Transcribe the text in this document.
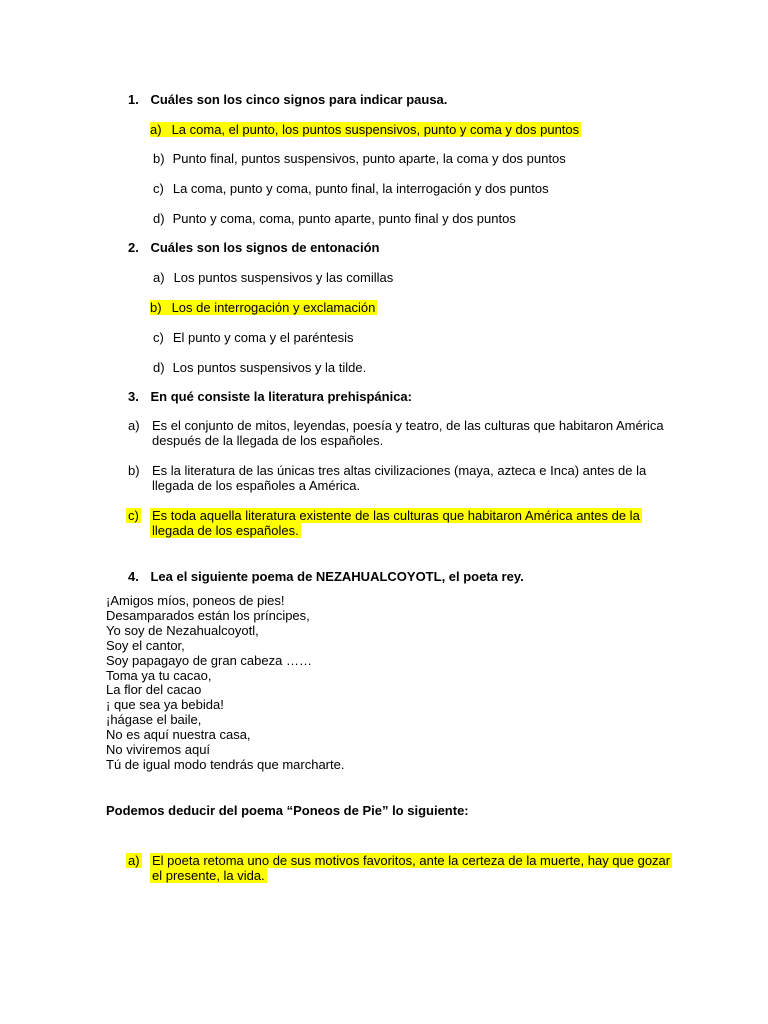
1. Cuáles son los cinco signos para indicar pausa.
a) La coma, el punto, los puntos suspensivos, punto y coma y dos puntos
b) Punto final, puntos suspensivos, punto aparte, la coma y dos puntos
c) La coma, punto y coma, punto final, la interrogación y dos puntos
d) Punto y coma, coma, punto aparte, punto final y dos puntos
2. Cuáles son los signos de entonación
a) Los puntos suspensivos y las comillas
b) Los de interrogación y exclamación
c) El punto y coma y el paréntesis
d) Los puntos suspensivos y la tilde.
3. En qué consiste la literatura prehispánica:
a) Es el conjunto de mitos, leyendas, poesía y teatro, de las culturas que habitaron América
después de la llegada de los españoles.
b) Es la literatura de las únicas tres altas civilizaciones (maya, azteca e Inca) antes de la
llegada de los españoles a América.
c) Es toda aquella literatura existente de las culturas que habitaron América antes de la
llegada de los españoles.
4. Lea el siguiente poema de NEZAHUALCOYOTL, el poeta rey.
¡Amigos míos, poneos de pies!
Desamparados están los príncipes,
Yo soy de Nezahualcoyotl,
Soy el cantor,
Soy papagayo de gran cabeza ……
Toma ya tu cacao,
La flor del cacao
¡ que sea ya bebida!
¡hágase el baile,
No es aquí nuestra casa,
No viviremos aquí
Tú de igual modo tendrás que marcharte.
Podemos deducir del poema “Poneos de Pie” lo siguiente:
a) El poeta retoma uno de sus motivos favoritos, ante la certeza de la muerte, hay que gozar
el presente, la vida.
